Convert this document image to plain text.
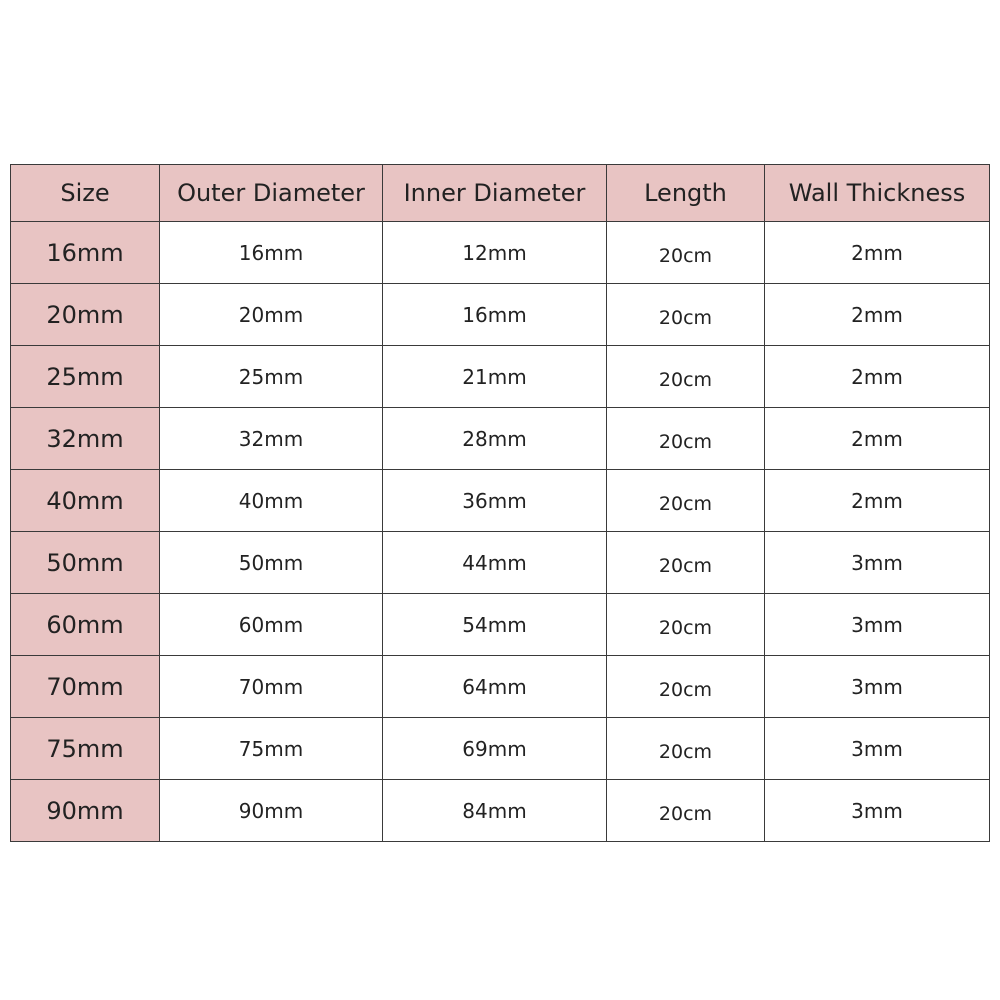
Size	Outer Diameter	Inner Diameter	Length	Wall Thickness
16mm	16mm	12mm	20cm	2mm
20mm	20mm	16mm	20cm	2mm
25mm	25mm	21mm	20cm	2mm
32mm	32mm	28mm	20cm	2mm
40mm	40mm	36mm	20cm	2mm
50mm	50mm	44mm	20cm	3mm
60mm	60mm	54mm	20cm	3mm
70mm	70mm	64mm	20cm	3mm
75mm	75mm	69mm	20cm	3mm
90mm	90mm	84mm	20cm	3mm
